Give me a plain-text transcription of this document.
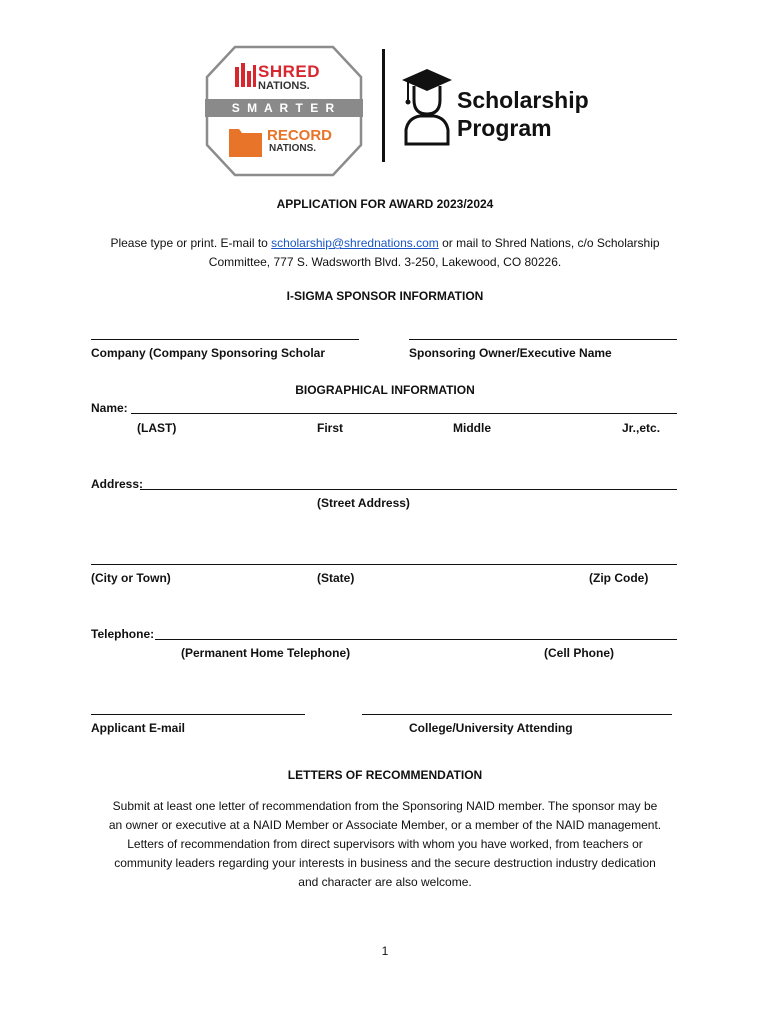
SHRED
NATIONS.
S M A R T E R
RECORD
NATIONS.
Scholarship
Program
APPLICATION FOR AWARD 2023/2024
Please type or print. E-mail to scholarship@shrednations.com or mail to Shred Nations, c/o Scholarship
Committee, 777 S. Wadsworth Blvd. 3-250, Lakewood, CO 80226.
I-SIGMA SPONSOR INFORMATION
Company (Company Sponsoring Scholar	Sponsoring Owner/Executive Name
BIOGRAPHICAL INFORMATION
Name:
(LAST)	First	Middle	Jr.,etc.
Address:
(Street Address)
(City or Town)	(State)	(Zip Code)
Telephone:
(Permanent Home Telephone)	(Cell Phone)
Applicant E-mail	College/University Attending
LETTERS OF RECOMMENDATION
Submit at least one letter of recommendation from the Sponsoring NAID member. The sponsor may be
an owner or executive at a NAID Member or Associate Member, or a member of the NAID management.
Letters of recommendation from direct supervisors with whom you have worked, from teachers or
community leaders regarding your interests in business and the secure destruction industry dedication
and character are also welcome.
1
